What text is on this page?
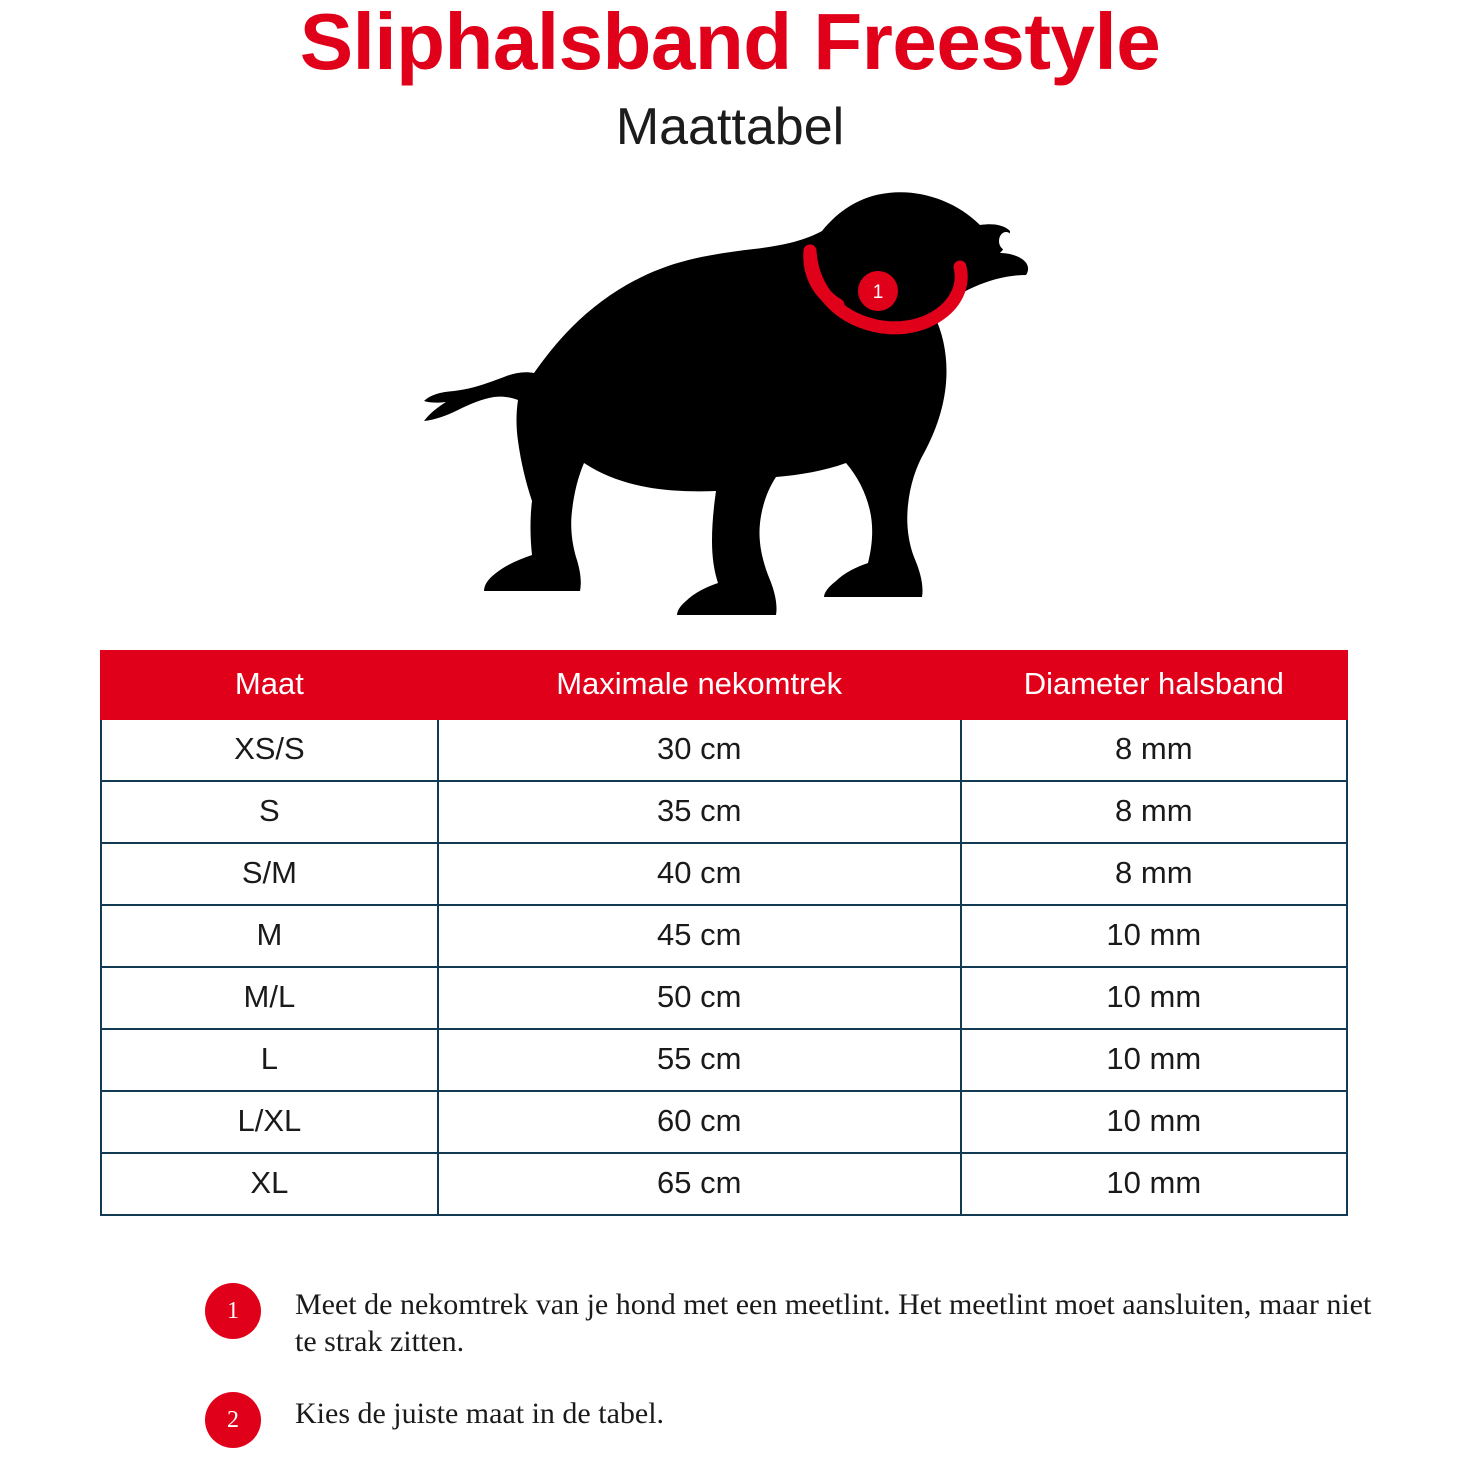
Sliphalsband Freestyle
Maattabel
1
Maat	Maximale nekomtrek	Diameter halsband
XS/S	30 cm	8 mm
S	35 cm	8 mm
S/M	40 cm	8 mm
M	45 cm	10 mm
M/L	50 cm	10 mm
L	55 cm	10 mm
L/XL	60 cm	10 mm
XL	65 cm	10 mm
1	Meet de nekomtrek van je hond met een meetlint. Het meetlint moet aansluiten, maar niet te strak zitten.
2	Kies de juiste maat in de tabel.
